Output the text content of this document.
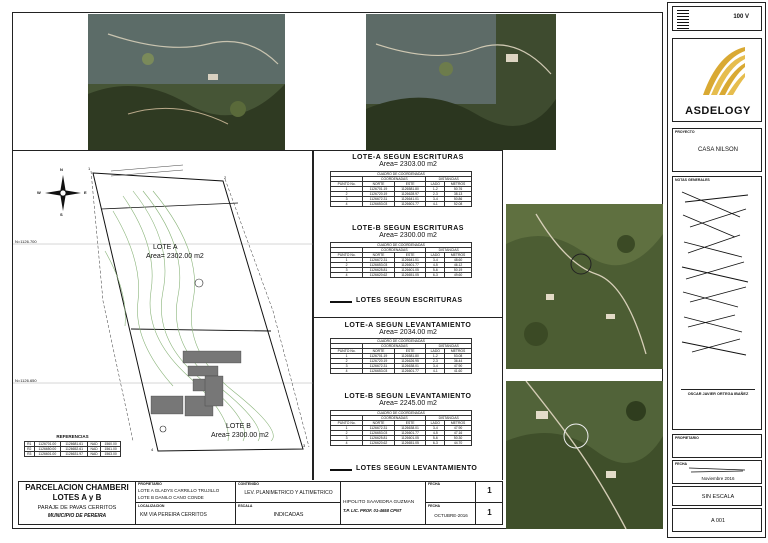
N
S
E
W
N=1126.700
N=1126.650
1
2
3
4
LOTE A
Area= 2302.00 m2
LOTE B
Area= 2300.00 m2
REFERENCIAS
R1	1126701.00	1126681.61	NAD	1560.00
R2	1126650.00	1126652.61	NAD	1561.00
R3	1126601.00	1126631.97	NAD	1563.00
LOTE-A SEGUN ESCRITURAS
Area= 2303.00 m2
CUADRO DE COORDENADAS				
	COORDENADAS		DISTANCIAS	
PUNTO No.	NORTE	ESTE	LADO	METROS
1	1126701.19	1126581.80	1-2	50.76
2	1126720.19	1126628.97	2-3	38.13
3	1126672.31	1126641.01	3-4	50.86
4	1126653.03	1126601.77	4-1	52.08
LOTE-B SEGUN ESCRITURAS
Area= 2300.00 m2
CUADRO DE COORDENADAS				
	COORDENADAS		DISTANCIAS	
PUNTO No.	NORTE	ESTE	LADO	METROS
1	1126672.31	1126641.01	3-4	48.60
2	1126653.03	1126601.77	4-5	46.12
3	1126625.81	1126601.05	5-6	50.19
4	1126620.62	1126651.05	6-3	49.60
LOTES SEGUN ESCRITURAS
LOTE-A SEGUN LEVANTAMIENTO
Area= 2034.00 m2
CUADRO DE COORDENADAS				
	COORDENADAS		DISTANCIAS	
PUNTO No.	NORTE	ESTE	LADO	METROS
1	1126701.19	1126581.80	1-2	53.08
2	1126720.19	1126626.95	2-3	36.44
3	1126672.31	1126638.01	3-4	47.90
4	1126653.03	1126601.77	4-1	41.60
LOTE-B SEGUN LEVANTAMIENTO
Area= 2245.00 m2
CUADRO DE COORDENADAS				
	COORDENADAS		DISTANCIAS	
PUNTO No.	NORTE	ESTE	LADO	METROS
1	1126672.31	1126638.01	3-4	47.90
2	1126653.03	1126601.77	4-5	47.16
3	1126625.81	1126601.05	5-6	50.30
4	1126620.62	1126651.05	6-3	44.70
LOTES SEGUN LEVANTAMIENTO
PARCELACION CHAMBERI
LOTES A y B
PARAJE DE PAVAS CERRITOS
MUNICIPIO DE PEREIRA
PROPIETARIO
LOTE A GLADYS CARRILLO TRUJILLO
LOTE B DANILO CANO CONDE
LOCALIZACION
KM VIA PEREIRA CERRITOS
CONTENIDO
LEV. PLANIMETRICO Y ALTIMETRICO
ESCALA
INDICADAS
HIPOLITO SAAVEDRA GUZMAN
T.P. LIC. PROF. 01-4658 CPNT
FECHA
FECHA
OCTUBRE-2016
1
1
100 V
ASDELOGY
PROYECTO
CASA NILSON
NOTAS GENERALES
OSCAR JAVIER ORTEGA IBAÑEZ
PROPIETARIO
FECHA
Noviembre 2016
SIN ESCALA
A 001
